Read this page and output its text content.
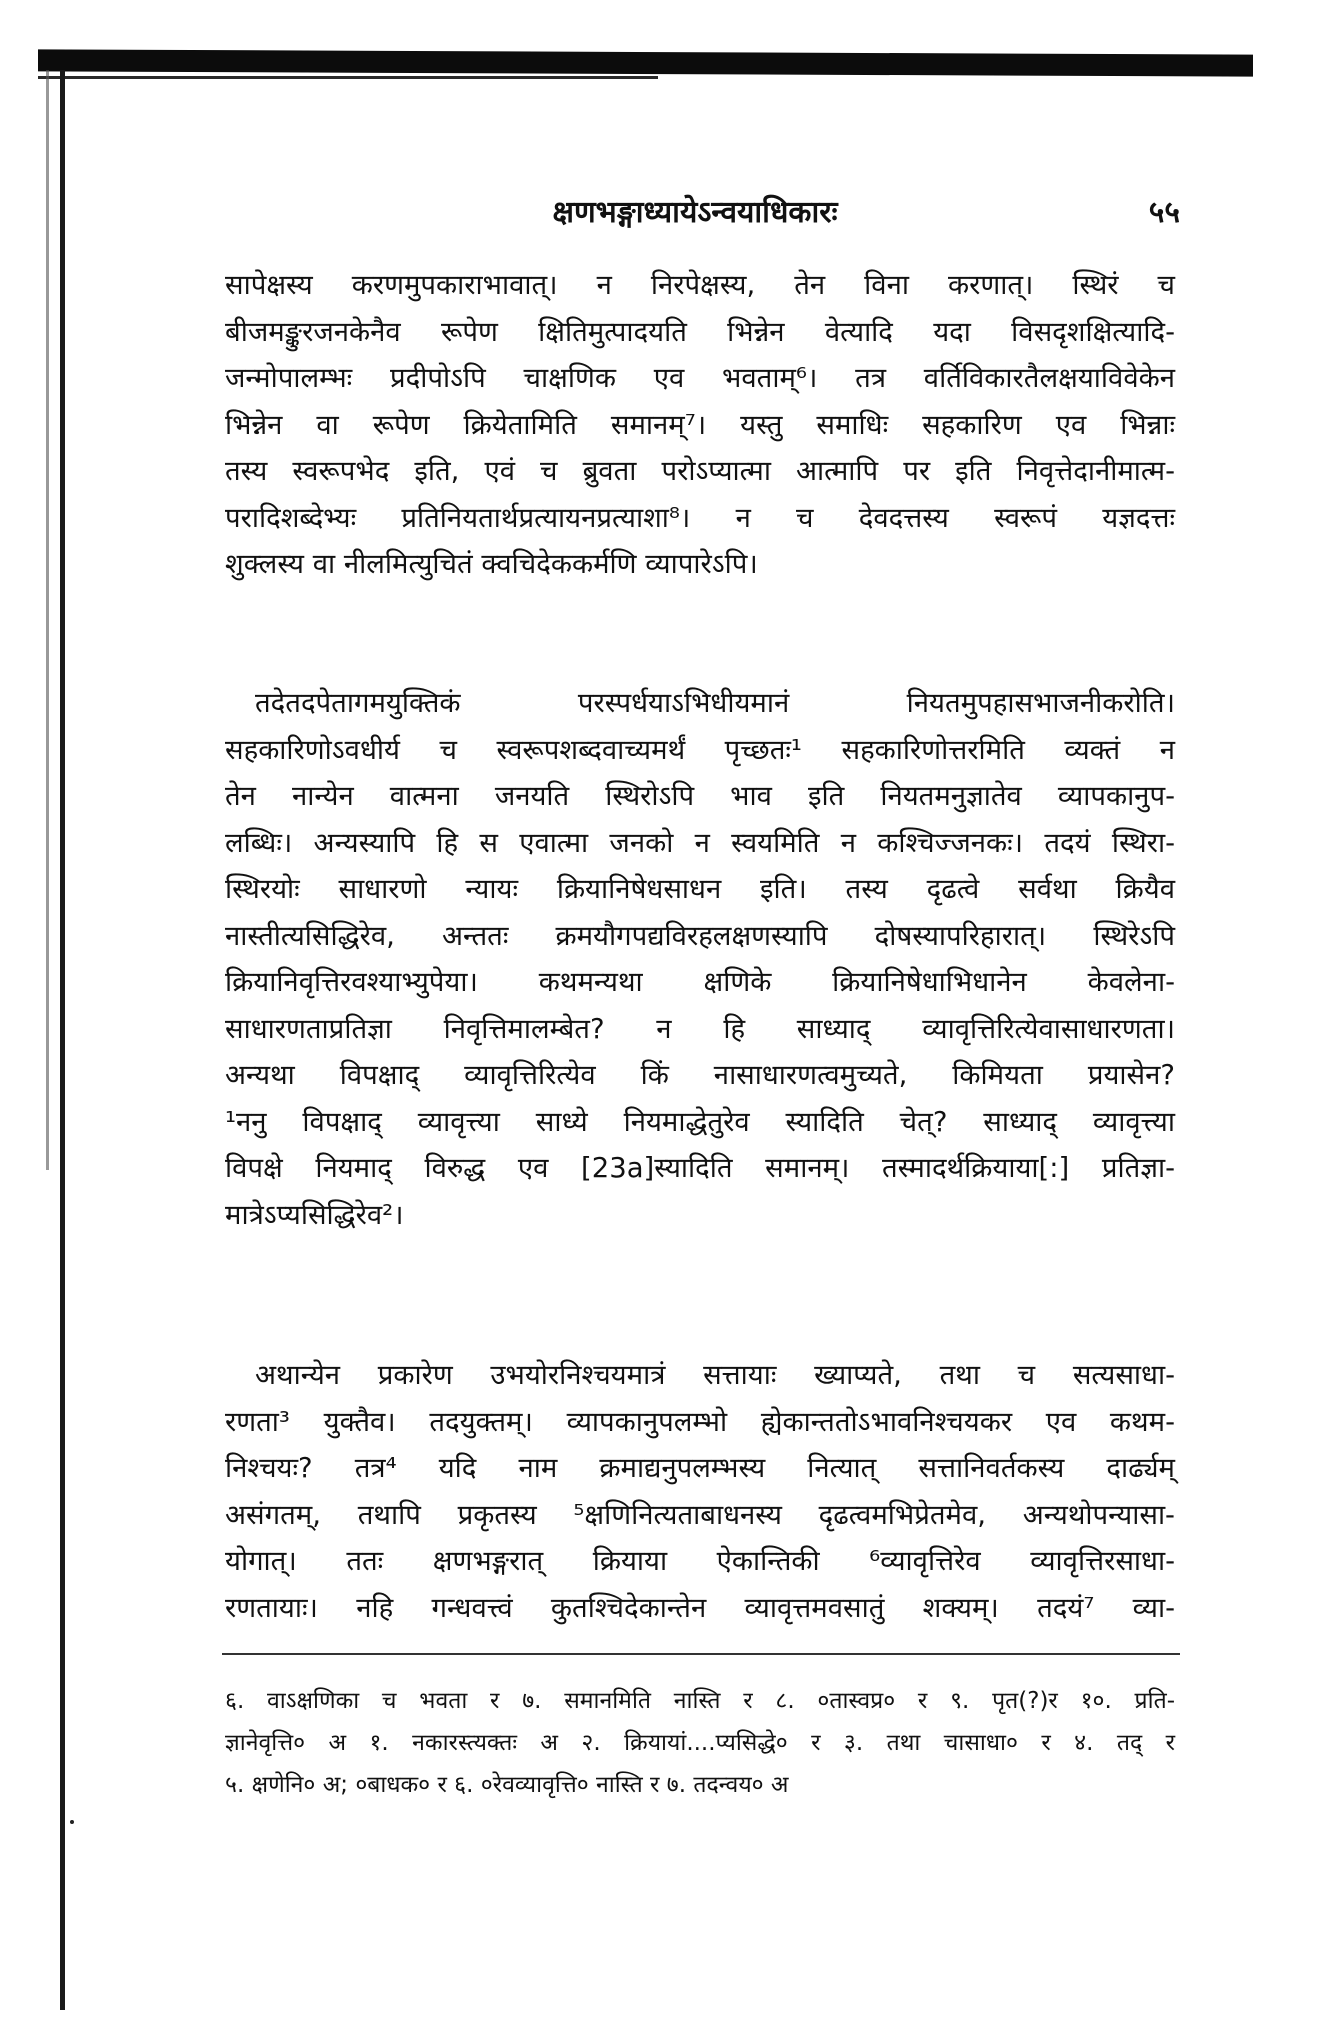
क्षणभङ्गाध्यायेऽन्वयाधिकारः	५५
सापेक्षस्य करणमुपकाराभावात्। न निरपेक्षस्य, तेन विना करणात्। स्थिरं च
बीजमङ्कुरजनकेनैव रूपेण क्षितिमुत्पादयति भिन्नेन वेत्यादि यदा विसदृशक्षित्यादि-
जन्मोपालम्भः प्रदीपोऽपि चाक्षणिक एव भवताम्⁶। तत्र वर्तिविकारतैलक्षयाविवेकेन
भिन्नेन वा रूपेण क्रियेतामिति समानम्⁷। यस्तु समाधिः सहकारिण एव भिन्नाः
तस्य स्वरूपभेद इति, एवं च ब्रुवता परोऽप्यात्मा आत्मापि पर इति निवृत्तेदानीमात्म-
परादिशब्देभ्यः प्रतिनियतार्थप्रत्यायनप्रत्याशा⁸। न च देवदत्तस्य स्वरूपं यज्ञदत्तः
शुक्लस्य वा नीलमित्युचितं क्वचिदेककर्मणि व्यापारेऽपि।
तदेतदपेतागमयुक्तिकं परस्पर्धयाऽभिधीयमानं नियतमुपहासभाजनीकरोति।
सहकारिणोऽवधीर्य च स्वरूपशब्दवाच्यमर्थं पृच्छतः¹ सहकारिणोत्तरमिति व्यक्तं न
तेन नान्येन वात्मना जनयति स्थिरोऽपि भाव इति नियतमनुज्ञातेव व्यापकानुप-
लब्धिः। अन्यस्यापि हि स एवात्मा जनको न स्वयमिति न कश्चिज्जनकः। तदयं स्थिरा-
स्थिरयोः साधारणो न्यायः क्रियानिषेधसाधन इति। तस्य दृढत्वे सर्वथा क्रियैव
नास्तीत्यसिद्धिरेव, अन्ततः क्रमयौगपद्यविरहलक्षणस्यापि दोषस्यापरिहारात्। स्थिरेऽपि
क्रियानिवृत्तिरवश्याभ्युपेया। कथमन्यथा क्षणिके क्रियानिषेधाभिधानेन केवलेना-
साधारणताप्रतिज्ञा निवृत्तिमालम्बेत? न हि साध्याद् व्यावृत्तिरित्येवासाधारणता।
अन्यथा विपक्षाद् व्यावृत्तिरित्येव किं नासाधारणत्वमुच्यते, किमियता प्रयासेन?
¹ननु विपक्षाद् व्यावृत्त्या साध्ये नियमाद्धेतुरेव स्यादिति चेत्? साध्याद् व्यावृत्त्या
विपक्षे नियमाद् विरुद्ध एव [23a]स्यादिति समानम्। तस्मादर्थक्रियाया[:] प्रतिज्ञा-
मात्रेऽप्यसिद्धिरेव²।
अथान्येन प्रकारेण उभयोरनिश्चयमात्रं सत्तायाः ख्याप्यते, तथा च सत्यसाधा-
रणता³ युक्तैव। तदयुक्तम्। व्यापकानुपलम्भो ह्येकान्ततोऽभावनिश्चयकर एव कथम-
निश्चयः? तत्र⁴ यदि नाम क्रमाद्यनुपलम्भस्य नित्यात् सत्तानिवर्तकस्य दार्ढ्यम्
असंगतम्, तथापि प्रकृतस्य ⁵क्षणिनित्यताबाधनस्य दृढत्वमभिप्रेतमेव, अन्यथोपन्यासा-
योगात्। ततः क्षणभङ्गरात् क्रियाया ऐकान्तिकी ⁶व्यावृत्तिरेव व्यावृत्तिरसाधा-
रणतायाः। नहि गन्धवत्त्वं कुतश्चिदेकान्तेन व्यावृत्तमवसातुं शक्यम्। तदयं⁷ व्या-
६. वाऽक्षणिका च भवता र ७. समानमिति नास्ति र ८. ०तास्वप्र० र ९. पृत(?)र १०. प्रति-
ज्ञानेवृत्ति० अ १. नकारस्त्यक्तः अ २. क्रियायां....प्यसिद्धे० र ३. तथा चासाधा० र ४. तद् र
५. क्षणेनि० अ; ०बाधक० र ६. ०रेवव्यावृत्ति० नास्ति र ७. तदन्वय० अ
